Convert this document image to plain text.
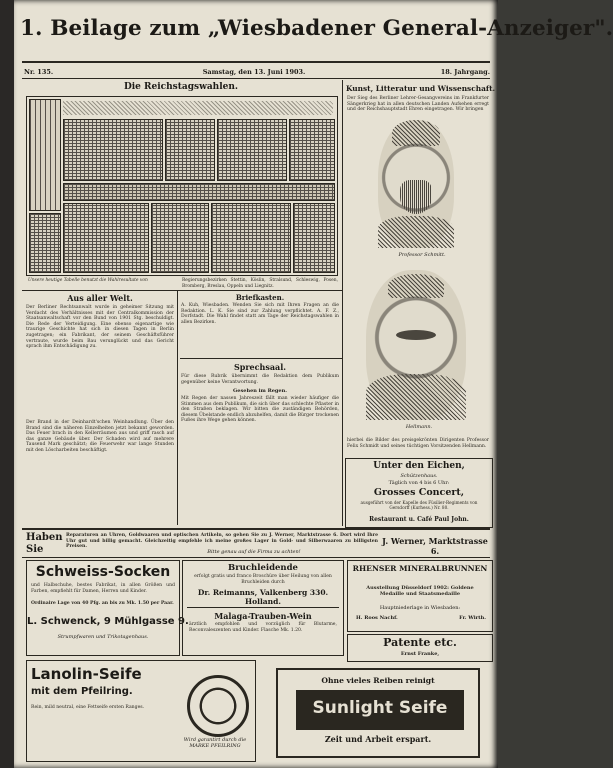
1. Beilage zum „Wiesbadener General-Anzeiger".
Nr. 135.	Samstag, den 13. Juni 1903.	18. Jahrgang.
Die Reichstagswahlen.
Unsere heutige Tabelle benutzt die Wahlresultate von	Regierungsbezirken Stettin, Köslin, Stralsund, Schleswig, Posen, Bromberg, Breslau, Oppeln und Liegnitz.
Kunst, Litteratur und Wissenschaft.
Der Sieg des Berliner Lehrer-Gesangvereins im Frankfurter Sängerkrieg hat in allen deutschen Landen Aufsehen erregt und der Reichshauptstadt Ehren eingetragen. Wir bringen
Professor Schmitt.
Hellmann.
hierbei die Bilder des preisgekrönten Dirigenten Professor Felix Schmidt und seines tüchtigen Vorsitzenden Hellmann.
Unter den Eichen,
Schützenhaus.
Täglich von 4 bis 6 Uhr:
Grosses Concert,
ausgeführt von der Kapelle des Füsilier-Regiments von Gersdorff (Kurhess.) Nr. 80.
Restaurant u. Café Paul John.
Aus aller Welt.
Der Berliner Rechtsanwalt wurde in geheimer Sitzung mit Verdacht des Verhältnisses mit der Centralkommission der Staatsanwaltschaft vor den Bund von 1901 Stg. beschuldigt. Die Rede der Verteidigung. Eine ebenso eigenartige wie traurige Geschichte hat sich in diesen Tagen in Berlin zugetragen; ein Fabrikant, der seinem Geschäftsführer vertraute, wurde beim Bau verunglückt und das Gericht sprach ihm Entschädigung zu.
Der Brand in der Deinhardt'schen Weinhandlung. Über den Brand sind die näheren Einzelheiten jetzt bekannt geworden. Das Feuer brach in den Kellerräumen aus und griff rasch auf das ganze Gebäude über. Der Schaden wird auf mehrere Tausend Mark geschätzt; die Feuerwehr war lange Stunden mit den Löscharbeiten beschäftigt.
Briefkasten.
A. Kuh, Wiesbaden. Wenden Sie sich mit Ihren Fragen an die Redaktion. L. K. Sie sind zur Zahlung verpflichtet. A. F. Z., Dorfstadt. Die Wahl findet statt am Tage der Reichstagswahlen in allen Bezirken.
Sprechsaal.
Für diese Rubrik übernimmt die Redaktion dem Publikum gegenüber keine Verantwortung.
Gesehen im Regen.
Mit Regen der nassen Jahreszeit fällt man wieder häufiger die Stimmen aus dem Publikum, die sich über das schlechte Pflaster in den Straßen beklagen. Wir bitten die zuständigen Behörden, diesem Übelstande endlich abzuhelfen, damit die Bürger trockenen Fußes ihre Wege gehen können.
Haben Sie
Reparaturen an Uhren, Goldwaaren und optischen Artikeln, so gehen Sie zu J. Werner, Marktstrasse 6. Dort wird Ihre Uhr gut und billig gemacht. Gleichzeitig empfehle ich meine großes Lager in Gold- und Silberwaaren zu billigsten Preisen.
J. Werner, Marktstrasse 6.
Bitte genau auf die Firma zu achten!
Schweiss-Socken
und Halbschuhe, bestes Fabrikat, in allen Größen und Farben, empfiehlt für Damen, Herren und Kinder.
Ordinaire Lage von 40 Pfg. an bis zu Mk. 1.50 per Paar.
L. Schwenck, 9 Mühlgasse 9.
Strumpfwaren und Trikotagenhaus.
Bruchleidende
erfolgt gratis und franco Broschüre über Heilung von allen Bruchleiden durch
Dr. Reimanns, Valkenberg 330. Holland.
Malaga-Trauben-Wein
ärztlich empfohlen und vorzüglich für Blutarme, Reconvaleszenten und Kinder. Flasche Mk. 1.20.
RHENSER MINERALBRUNNEN
Ausstellung Düsseldorf 1902: Goldene Medaille und Staatsmedaille
Hauptniederlage in Wiesbaden:
H. Roos Nachf.	Fr. Wirth.
Patente etc.
Ernst Franke,
Lanolin-Seife
mit dem Pfeilring.
Rein, mild neutral, eine Fettseife ersten Ranges.
Wird garantirt durch die MARKE PFEILRING
Ohne vieles Reiben reinigt
Sunlight Seife
Zeit und Arbeit erspart.
